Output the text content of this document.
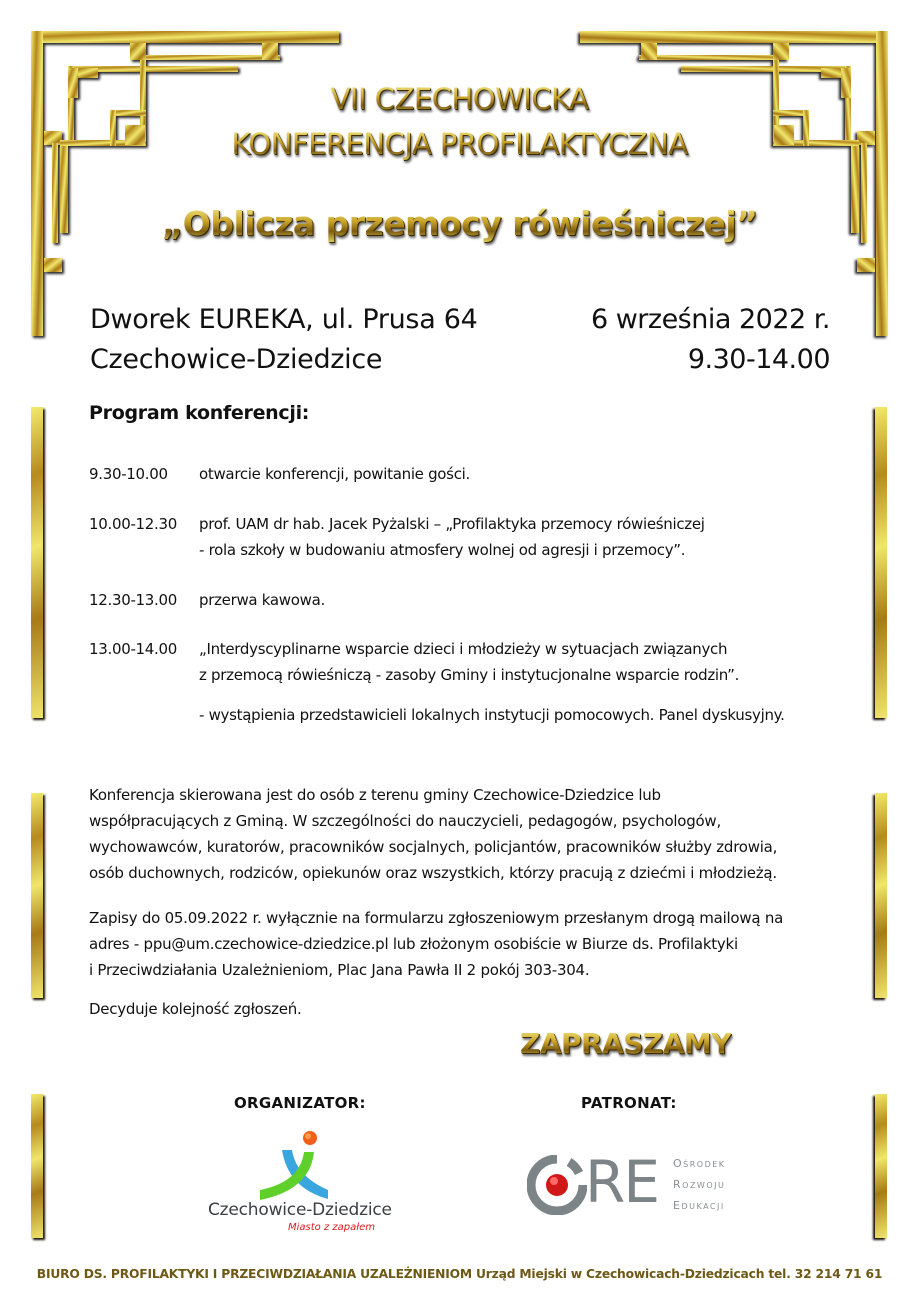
VII CZECHOWICKA
KONFERENCJA PROFILAKTYCZNA
„Oblicza przemocy rówieśniczej”
Dworek EUREKA, ul. Prusa 64
Czechowice-Dziedzice
6 września 2022 r.
9.30-14.00
Program konferencji:
9.30-10.00	otwarcie konferencji, powitanie gości.
10.00-12.30	prof. UAM dr hab. Jacek Pyżalski – „Profilaktyka przemocy rówieśniczej
- rola szkoły w budowaniu atmosfery wolnej od agresji i przemocy”.
12.30-13.00	przerwa kawowa.
13.00-14.00	„Interdyscyplinarne wsparcie dzieci i młodzieży w sytuacjach związanych
z przemocą rówieśniczą - zasoby Gminy i instytucjonalne wsparcie rodzin”.
- wystąpienia przedstawicieli lokalnych instytucji pomocowych. Panel dyskusyjny.
Konferencja skierowana jest do osób z terenu gminy Czechowice-Dziedzice lub
współpracujących z Gminą. W szczególności do nauczycieli, pedagogów, psychologów,
wychowawców, kuratorów, pracowników socjalnych, policjantów, pracowników służby zdrowia,
osób duchownych, rodziców, opiekunów oraz wszystkich, którzy pracują z dziećmi i młodzieżą.
Zapisy do 05.09.2022 r. wyłącznie na formularzu zgłoszeniowym przesłanym drogą mailową na
adres - ppu@um.czechowice-dziedzice.pl lub złożonym osobiście w Biurze ds. Profilaktyki
i Przeciwdziałania Uzależnieniom, Plac Jana Pawła II 2 pokój 303-304.
Decyduje kolejność zgłoszeń.
ZAPRASZAMY
ORGANIZATOR:
Czechowice-Dziedzice
Miasto z zapałem
PATRONAT:
RE Ośrodek
Rozwoju
Edukacji
BIURO DS. PROFILAKTYKI I PRZECIWDZIAŁANIA UZALEŻNIENIOM Urząd Miejski w Czechowicach-Dziedzicach tel. 32 214 71 61
